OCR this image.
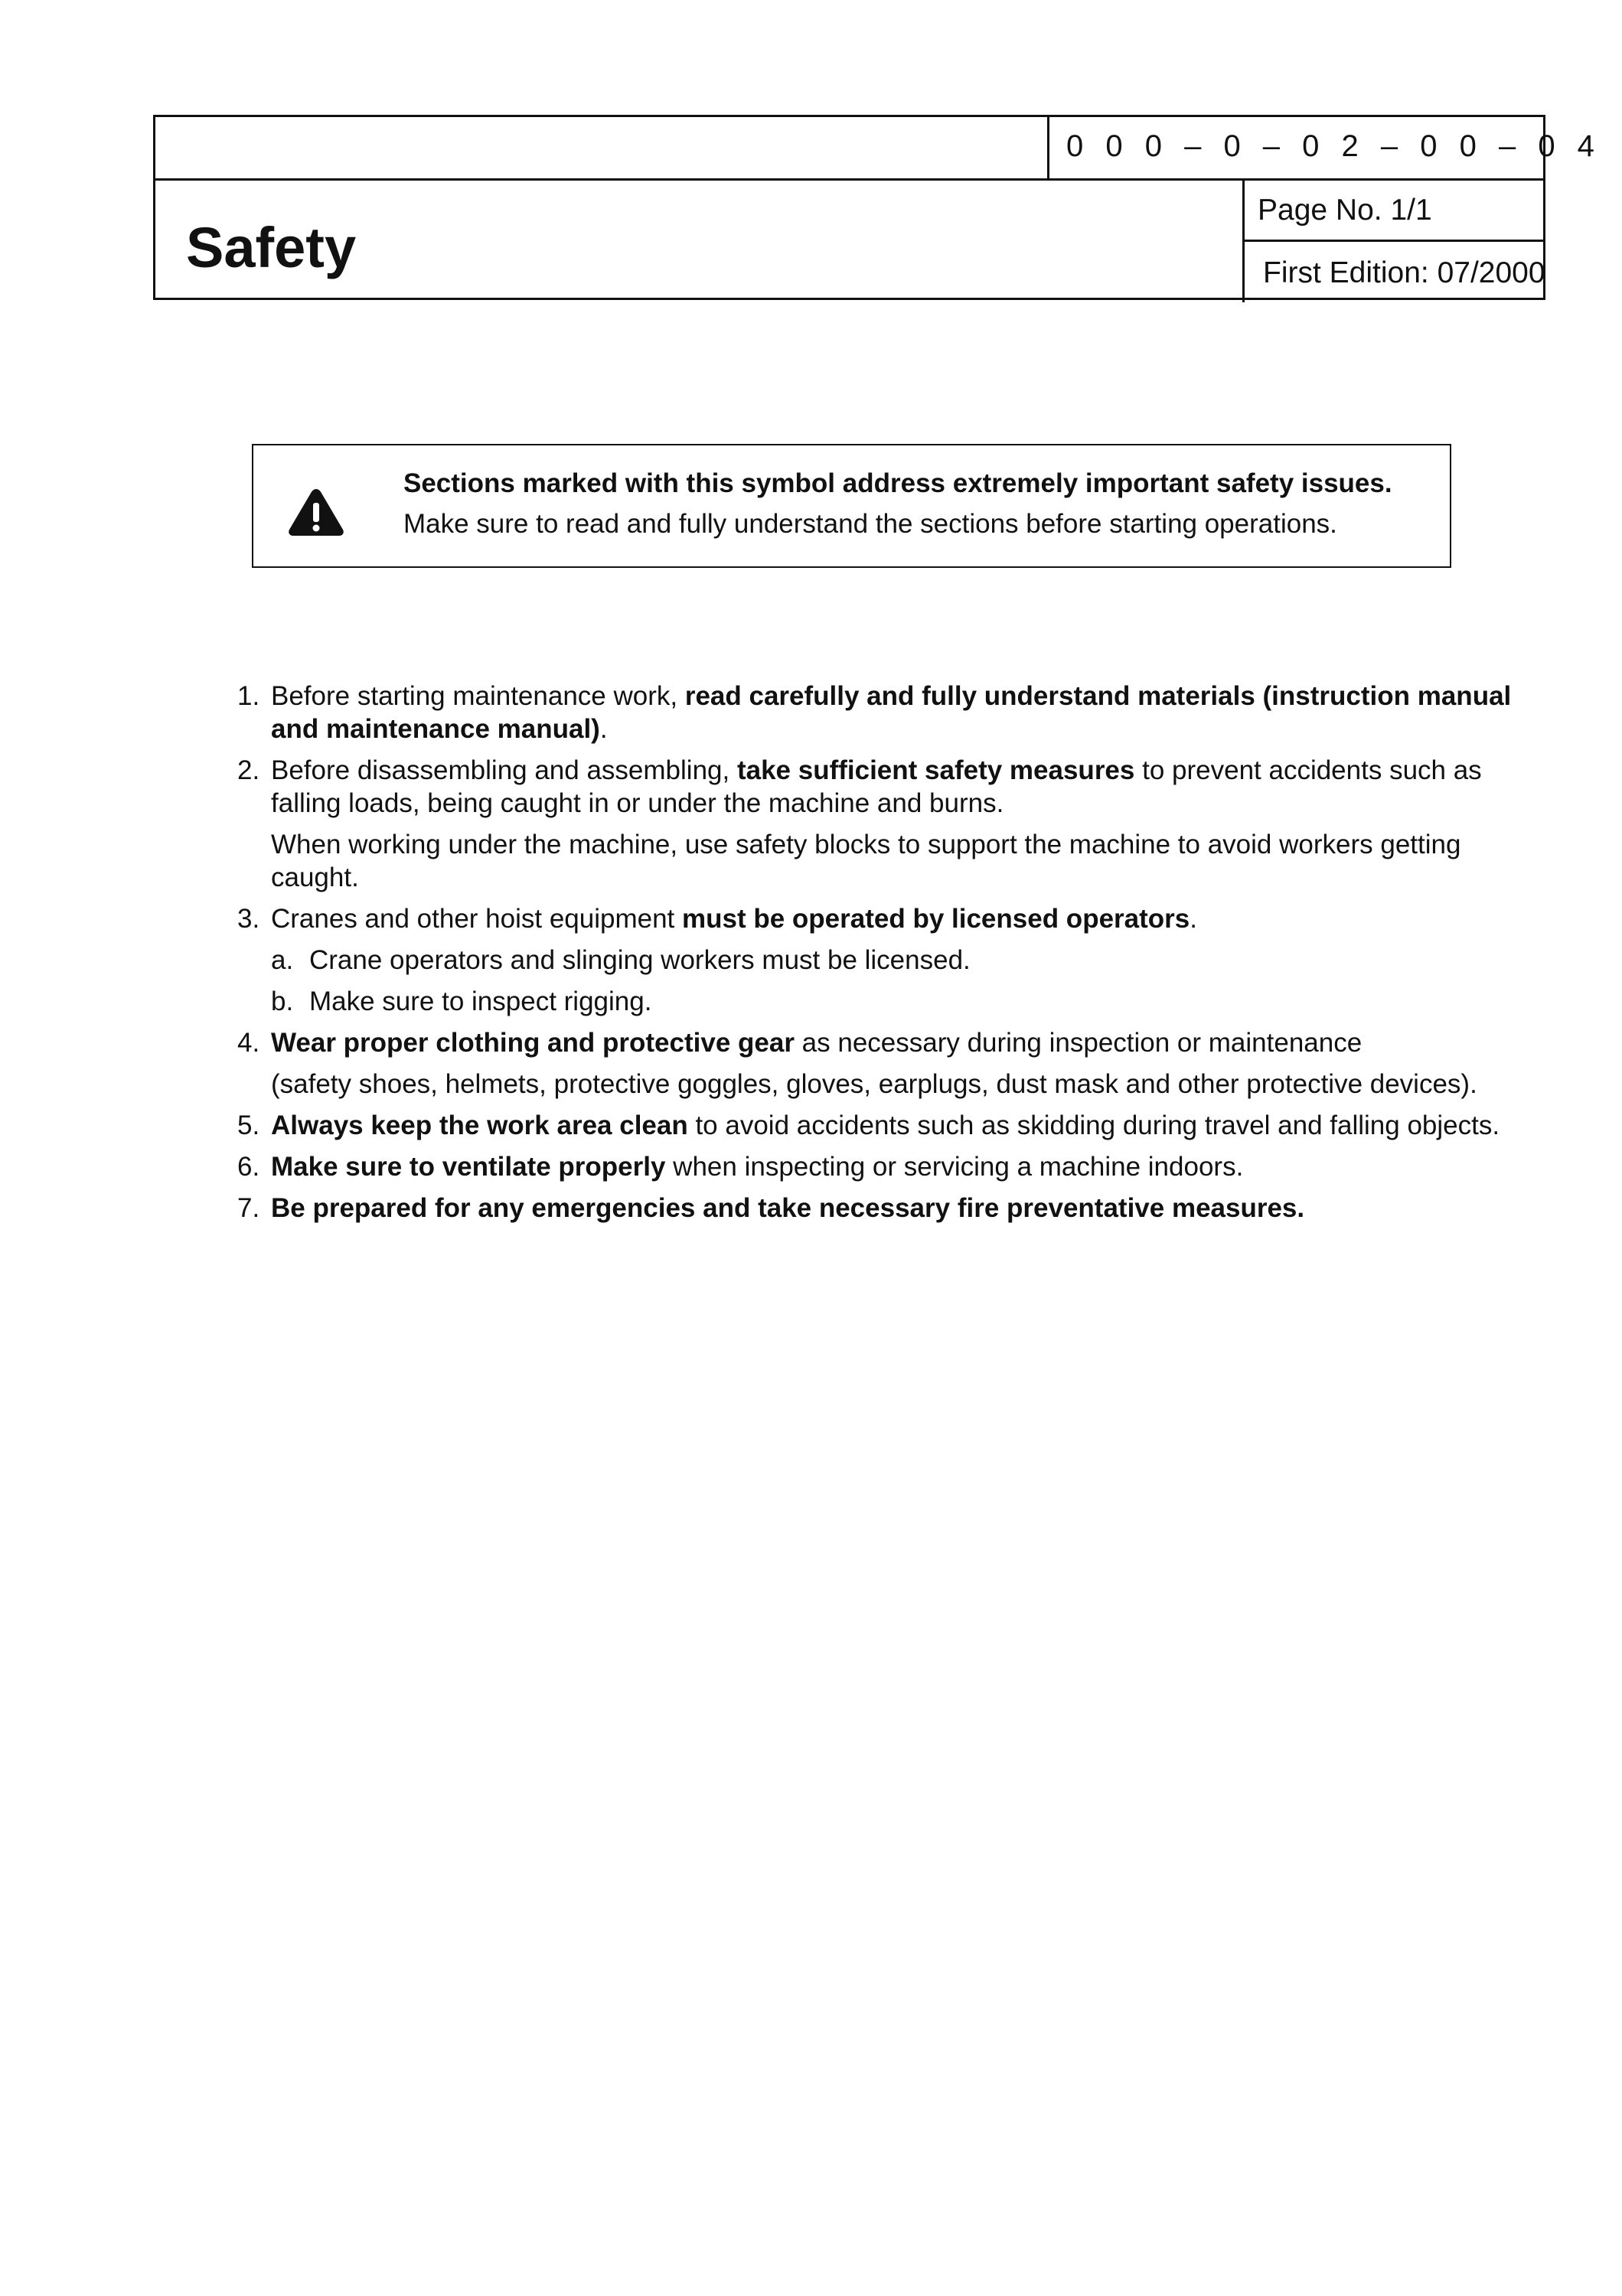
0 0 0 – 0 – 0 2 – 0 0 – 0 4
Page No. 1/1
First Edition: 07/2000
Safety
Sections marked with this symbol address extremely important safety issues.
Make sure to read and fully understand the sections before starting operations.
1. Before starting maintenance work, read carefully and fully understand materials (instruction manual and maintenance manual).
2. Before disassembling and assembling, take sufficient safety measures to prevent accidents such as falling loads, being caught in or under the machine and burns.
When working under the machine, use safety blocks to support the machine to avoid workers getting caught.
3. Cranes and other hoist equipment must be operated by licensed operators.
a. Crane operators and slinging workers must be licensed.
b. Make sure to inspect rigging.
4. Wear proper clothing and protective gear as necessary during inspection or maintenance
(safety shoes, helmets, protective goggles, gloves, earplugs, dust mask and other protective devices).
5. Always keep the work area clean to avoid accidents such as skidding during travel and falling objects.
6. Make sure to ventilate properly when inspecting or servicing a machine indoors.
7. Be prepared for any emergencies and take necessary fire preventative measures.
